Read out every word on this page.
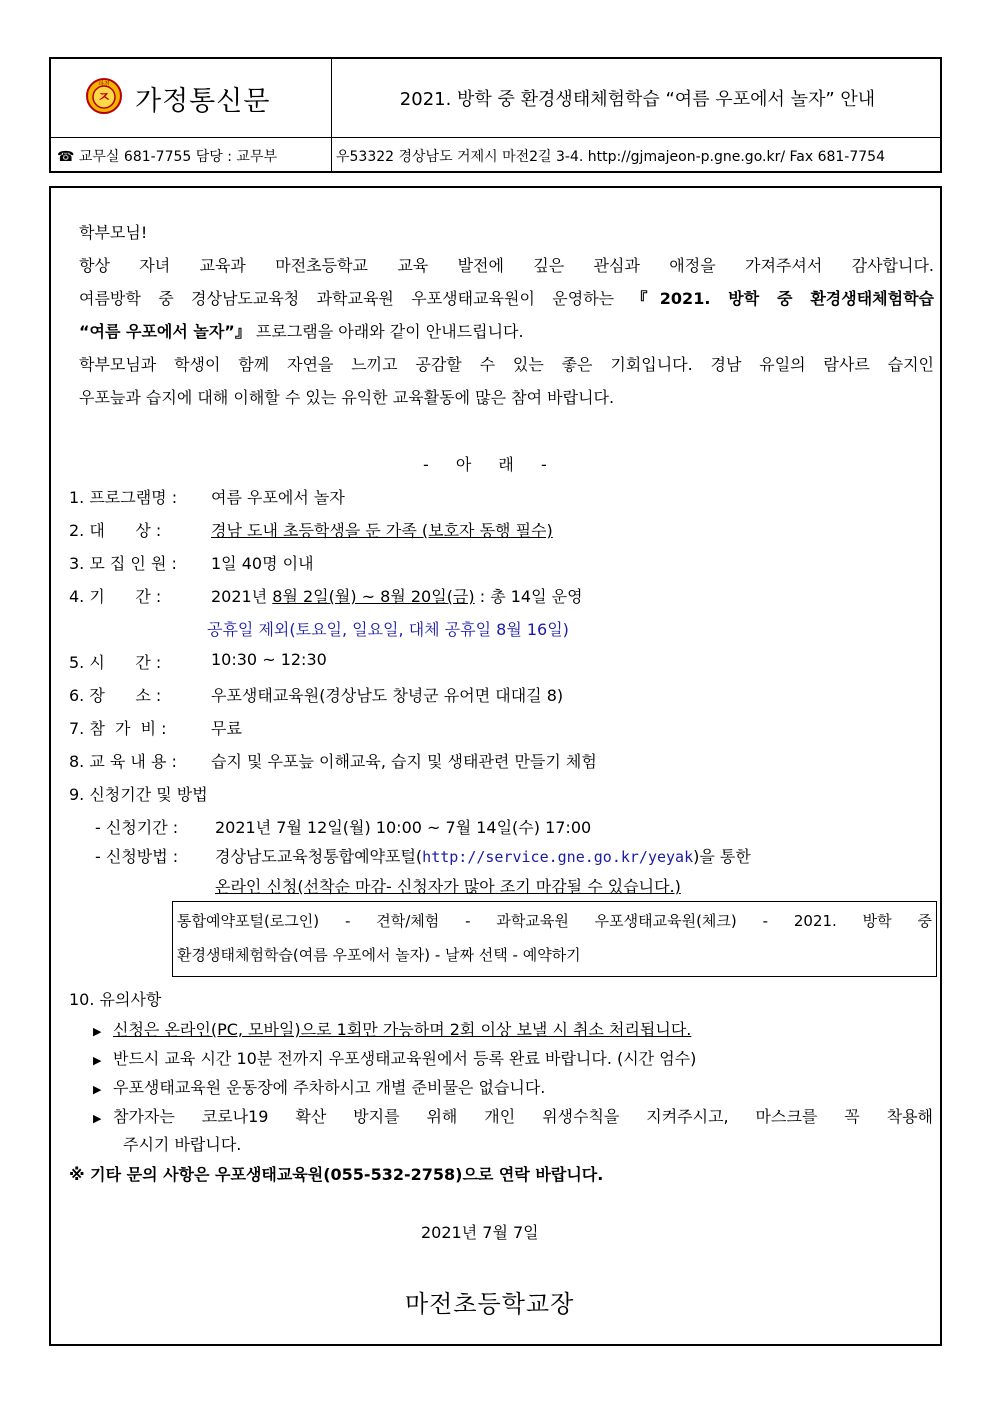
ㅈ
마전
가정통신문	2021. 방학 중 환경생태체험학습 “여름 우포에서 놀자” 안내
☎ 교무실 681-7755 담당 : 교무부	우53322 경상남도 거제시 마전2길 3-4. http://gjmajeon-p.gne.go.kr/ Fax 681-7754
학부모님!
항상 자녀 교육과 마전초등학교 교육 발전에 깊은 관심과 애정을 가져주셔서 감사합니다.
여름방학 중 경상남도교육청 과학교육원 우포생태교육원이 운영하는 『2021. 방학 중 환경생태체험학습
“여름 우포에서 놀자”』 프로그램을 아래와 같이 안내드립니다.
학부모님과 학생이 함께 자연을 느끼고 공감할 수 있는 좋은 기회입니다. 경남 유일의 람사르 습지인
우포늪과 습지에 대해 이해할 수 있는 유익한 교육활동에 많은 참여 바랍니다.
- 아 래 -
1. 프로그램명 : 여름 우포에서 놀자
2. 대      상 :	경남 도내 초등학생을 둔 가족 (보호자 동행 필수)
3. 모 집 인 원 : 1일 40명 이내
4. 기      간 :	2021년 8월 2일(월) ~ 8월 20일(금) : 총 14일 운영
공휴일 제외(토요일, 일요일, 대체 공휴일 8월 16일)
5. 시      간 :	10:30 ~ 12:30
6. 장      소 :	우포생태교육원(경상남도 창녕군 유어면 대대길 8)
7. 참  가  비 :	무료
8. 교 육 내 용 : 습지 및 우포늪 이해교육, 습지 및 생태관련 만들기 체험
9. 신청기간 및 방법
- 신청기간 : 2021년 7월 12일(월) 10:00 ~ 7월 14일(수) 17:00
- 신청방법 : 경상남도교육청통합예약포털(http://service.gne.go.kr/yeyak)을 통한
온라인 신청(선착순 마감- 신청자가 많아 조기 마감될 수 있습니다.)
통합예약포털(로그인) - 견학/체험 - 과학교육원 우포생태교육원(체크) - 2021. 방학 중
환경생태체험학습(여름 우포에서 놀자) - 날짜 선택 - 예약하기
10. 유의사항
▶ 신청은 온라인(PC, 모바일)으로 1회만 가능하며 2회 이상 보낼 시 취소 처리됩니다.
▶ 반드시 교육 시간 10분 전까지 우포생태교육원에서 등록 완료 바랍니다. (시간 엄수)
▶ 우포생태교육원 운동장에 주차하시고 개별 준비물은 없습니다.
▶ 참가자는 코로나19 확산 방지를 위해 개인 위생수칙을 지켜주시고, 마스크를 꼭 착용해
주시기 바랍니다.
※ 기타 문의 사항은 우포생태교육원(055-532-2758)으로 연락 바랍니다.
2021년 7월 7일
마전초등학교장
